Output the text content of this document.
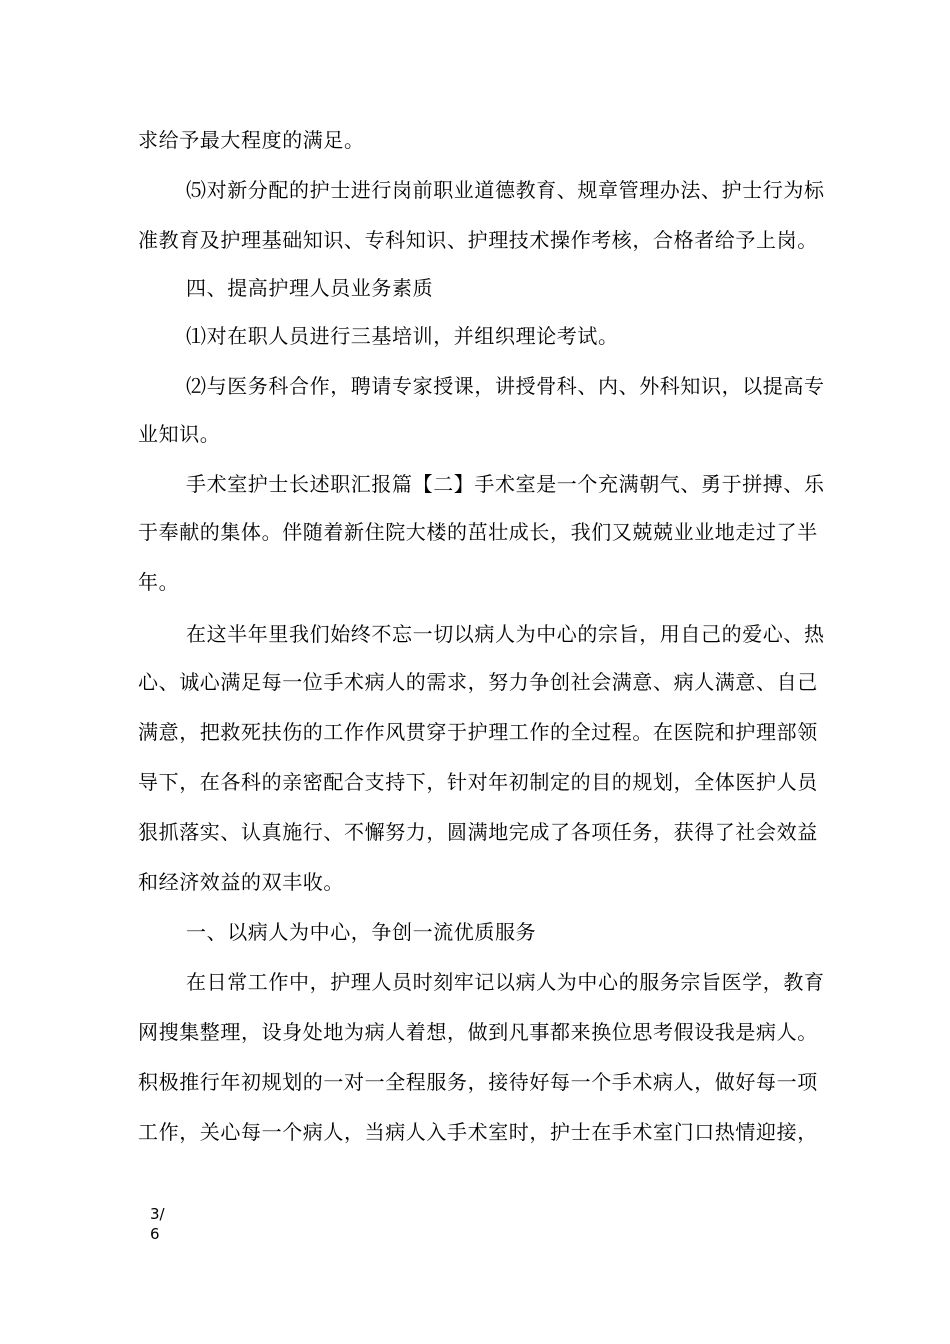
求给予最大程度的满足。
⑸对新分配的护士进行岗前职业道德教育、规章管理办法、护士行为标
准教育及护理基础知识、专科知识、护理技术操作考核，合格者给予上岗。
四、提高护理人员业务素质
⑴对在职人员进行三基培训，并组织理论考试。
⑵与医务科合作，聘请专家授课，讲授骨科、内、外科知识，以提高专
业知识。
手术室护士长述职汇报篇【二】手术室是一个充满朝气、勇于拼搏、乐
于奉献的集体。伴随着新住院大楼的茁壮成长，我们又兢兢业业地走过了半
年。
在这半年里我们始终不忘一切以病人为中心的宗旨，用自己的爱心、热
心、诚心满足每一位手术病人的需求，努力争创社会满意、病人满意、自己
满意，把救死扶伤的工作作风贯穿于护理工作的全过程。在医院和护理部领
导下，在各科的亲密配合支持下，针对年初制定的目的规划，全体医护人员
狠抓落实、认真施行、不懈努力，圆满地完成了各项任务，获得了社会效益
和经济效益的双丰收。
一、以病人为中心，争创一流优质服务
在日常工作中，护理人员时刻牢记以病人为中心的服务宗旨医学，教育
网搜集整理，设身处地为病人着想，做到凡事都来换位思考假设我是病人。
积极推行年初规划的一对一全程服务，接待好每一个手术病人，做好每一项
工作，关心每一个病人，当病人入手术室时，护士在手术室门口热情迎接，
3/6
